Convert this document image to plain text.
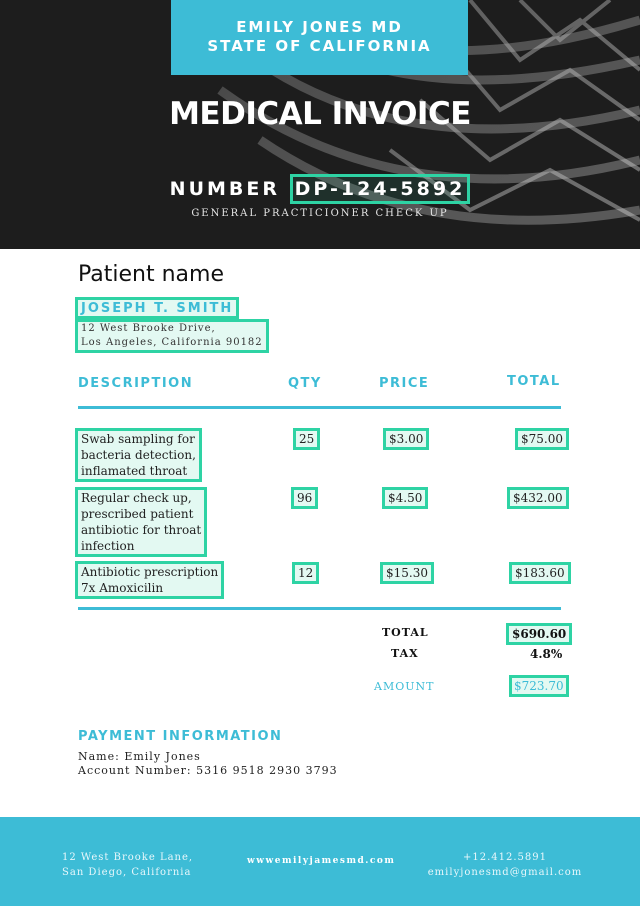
EMILY JONES MD
STATE OF CALIFORNIA
MEDICAL INVOICE
NUMBER DP-124-5892
GENERAL PRACTICIONER CHECK UP
Patient name
JOSEPH T. SMITH
12 West Brooke Drive,
Los Angeles, California 90182
DESCRIPTION	QTY	PRICE	TOTAL
Swab sampling for
bacteria detection,
inflamated throat
25	$3.00	$75.00
Regular check up,
prescribed patient
antibiotic for throat
infection
96	$4.50	$432.00
Antibiotic prescription
7x Amoxicilin
12	$15.30	$183.60
TOTAL	$690.60
TAX	4.8%
AMOUNT	$723.70
PAYMENT INFORMATION
Name: Emily Jones
Account Number: 5316 9518 2930 3793
12 West Brooke Lane,
San Diego, California
wwwemilyjamesmd.com	+12.412.5891
emilyjonesmd@gmail.com
